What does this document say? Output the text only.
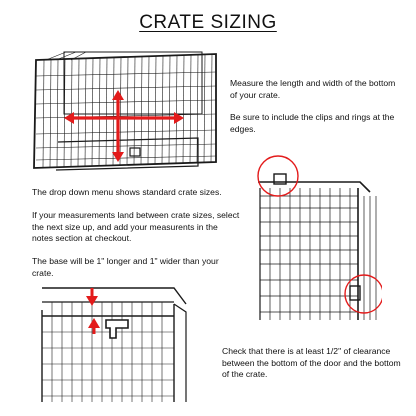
CRATE SIZING
Measure the length and width of the bottom of your crate.
Be sure to include the clips and rings at the edges.
The drop down menu shows standard crate sizes.
If your measurements land between crate sizes, select the next size up, and add your measurents in the notes section at checkout.
The base will be 1" longer and 1" wider than your crate.
Check that there is at least 1/2" of clearance between the bottom of the door and the bottom of the crate.
